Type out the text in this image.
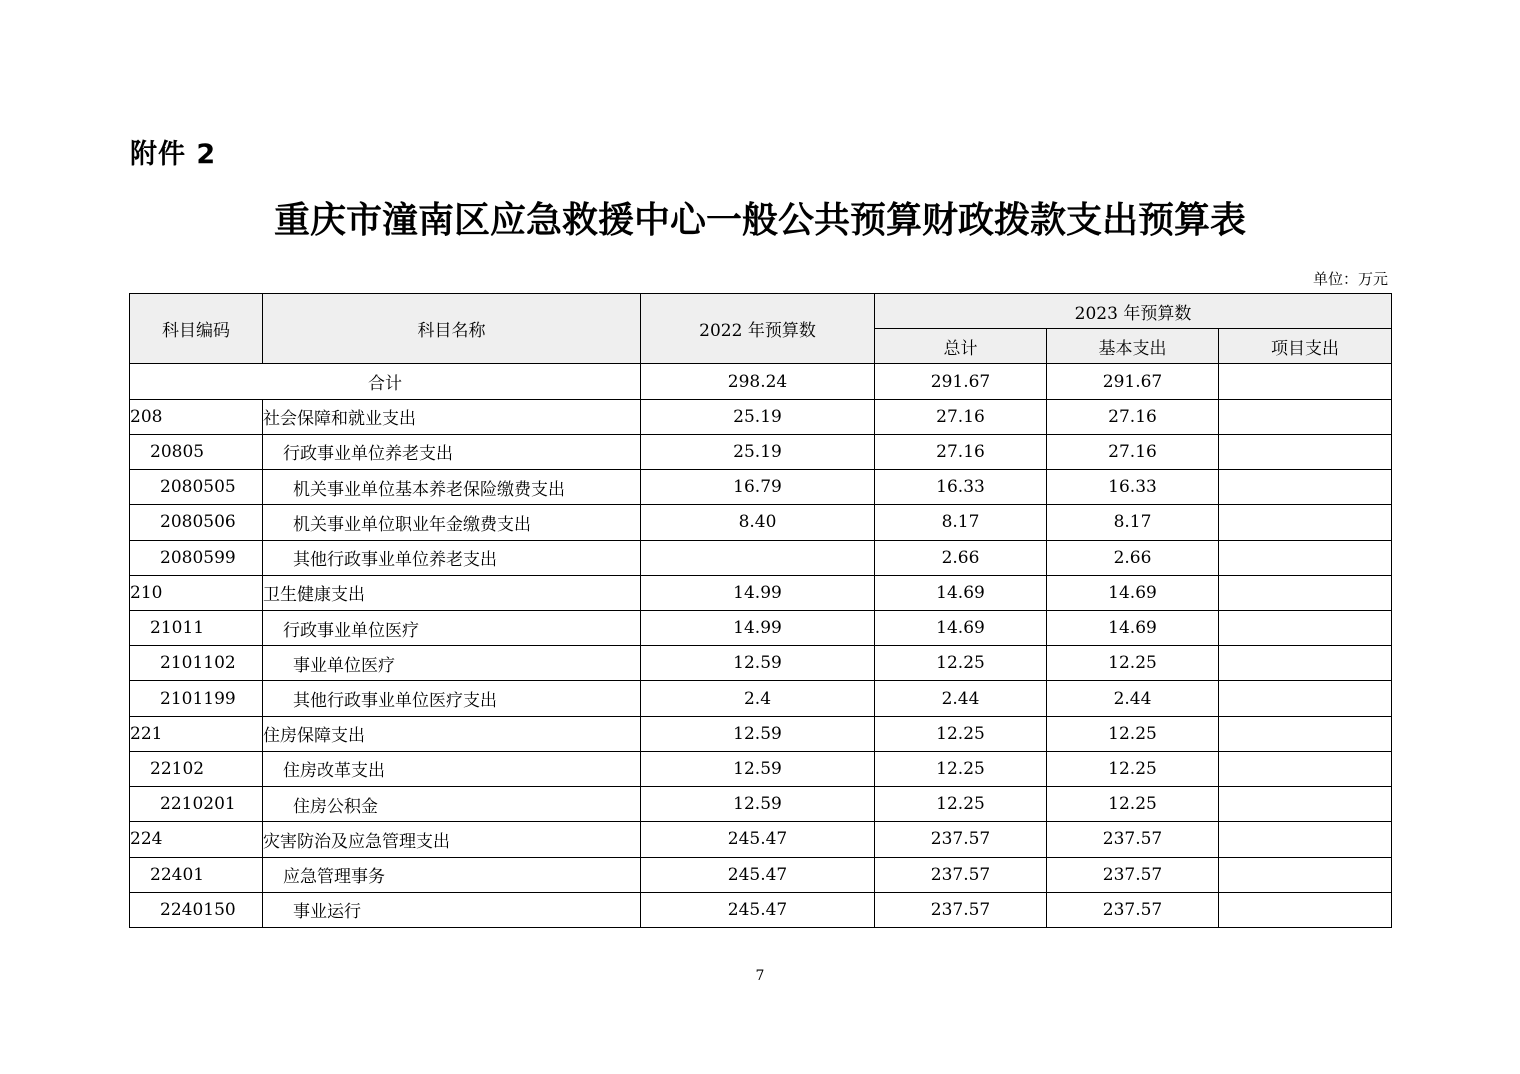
附件 2
重庆市潼南区应急救援中心一般公共预算财政拨款支出预算表
单位：万元
科目编码	科目名称	2022 年预算数	2023 年预算数		
			总计	基本支出	项目支出
合计		298.24	291.67	291.67	
208	社会保障和就业支出	25.19	27.16	27.16	
20805	行政事业单位养老支出	25.19	27.16	27.16	
2080505	机关事业单位基本养老保险缴费支出	16.79	16.33	16.33	
2080506	机关事业单位职业年金缴费支出	8.40	8.17	8.17	
2080599	其他行政事业单位养老支出		2.66	2.66	
210	卫生健康支出	14.99	14.69	14.69	
21011	行政事业单位医疗	14.99	14.69	14.69	
2101102	事业单位医疗	12.59	12.25	12.25	
2101199	其他行政事业单位医疗支出	2.4	2.44	2.44	
221	住房保障支出	12.59	12.25	12.25	
22102	住房改革支出	12.59	12.25	12.25	
2210201	住房公积金	12.59	12.25	12.25	
224	灾害防治及应急管理支出	245.47	237.57	237.57	
22401	应急管理事务	245.47	237.57	237.57	
2240150	事业运行	245.47	237.57	237.57	
7
